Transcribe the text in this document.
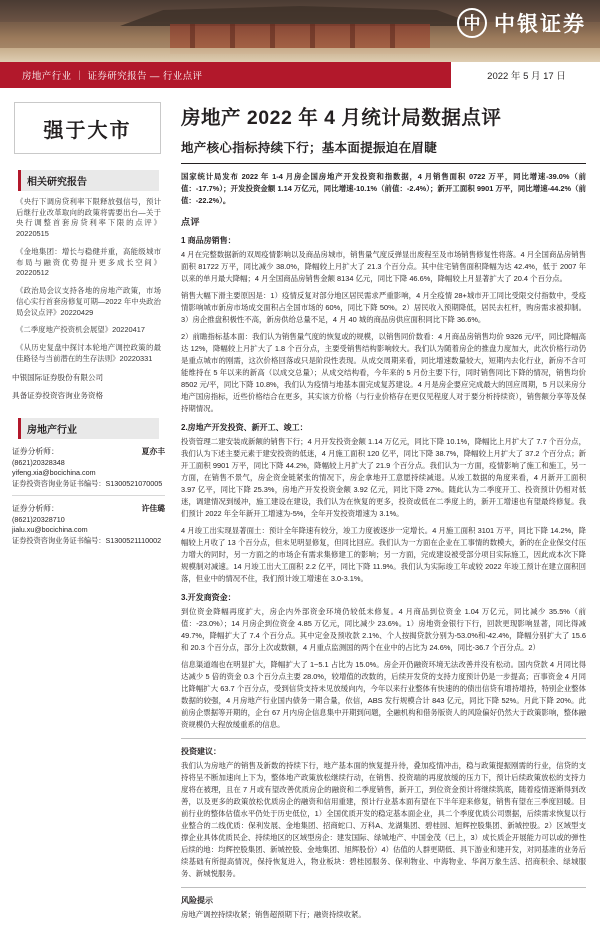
中 中银证券
房地产行业 ｜ 证券研究报告 — 行业点评	2022 年 5 月 17 日
强于大市
相关研究报告
《央行下调房贷利率下限释放强信号，预计后继行业改革取向的政策将需要出台—关于央行调整首套房贷利率下限的点评》20220515
《金地集团：增长与稳健并重，高能级城市布局与融资优势提升更多成长空间》20220512
《政治局会议支持各地的房地产政策，市场信心实行首套房修复可期—2022 年中央政治局会议点评》20220429
《二季度地产投资机会展望》20220417
《从历史复盘中探讨本轮地产调控政策的最佳路径与当前潜在的生存法则》20220331
中银国际证券股份有限公司
具备证券投资咨询业务资格
房地产行业
证券分析师：	夏亦丰
(8621)20328348
yifeng.xia@bocichina.com
证券投资咨询业务证书编号：S1300521070005
证券分析师：	许佳璐
(8621)20328710
jialu.xu@bocichina.com
证券投资咨询业务证书编号：S1300521110002
房地产 2022 年 4 月统计局数据点评
地产核心指标持续下行；基本面提振迫在眉睫

国家统计局发布 2022 年 1-4 月房企国房地产开发投资和指数据，4 月销售面积 0722 万平，同比增速-39.0%（前值：-17.7%）；开发投资金额 1.14 万亿元，同比增速-10.1%（前值：-2.4%）；新开工面积 9901 万平，同比增速-44.2%（前值：-22.2%）。

点评
1 商品房销售：

4 月在完整数据新的双周疫情影响以及商品房城市，销售量气度反弹显出废程至及市场销售修复性将落。4 月全国商品房销售面积 81722 万平，同比减少 38.0%，降幅较上月扩大了 21.3 个百分点。其中住宅销售面积降幅为达 42.4%，低于 2007 年以来的单月最大降幅；4 月全国商品房销售金额 8134 亿元，同比下降 46.6%，降幅较上月显著扩大了 20.4 个百分点。

销售大幅下滑主要原因是：1）疫情反复对部分地区居民需求严重影响，4 月全疫情 28+城市开工同比受限交付指数中，受疫情影响城市新房市场成交面积占全国市场的 60%，同比下降 50%。2）居民收入预期降低，居民去杠杆，购房需求被抑制。3）房企推盘积极性不高，新房供给总量不足，4 月 40 城的商品房供应面积同比下降 36.6%。

2）前瞻指标基本面：我们认为销售量气度的恢复或的规模，以销售同价数看：4 月商品房销售均价 9326 元/平，同比降幅高达 12%，降幅较上月扩大了 1.8 个百分点，主要受销售结构影响较大。我们认为随着房企的推盘力度加大，此次价格行动仍是重点城市的刚需，这次价格回落或只是阶段性表现。从成交周期来看，同比增速数量较大，短期内去化行业，新房不含可能维持在 5 年以来的新高（以成交总量）；从成交结构看，今年来的 5 月份主要下行，同时销售同比下降的情况，销售均价 8502 元/平，同比下降 10.8%，我们认为疫情与地基本面完成复苏建设。4 月是房企要应完成最大的回应周期，5 月以来房分地产国房指标，近些价格结合在更多，其实该方价格（与行业价格存在更仅见程度人对于要分析持续资），销售额分享等及保持期情况。

2.房地产开发投资、新开工、竣工：

投资管理二建安装成新额的销售下行；4 月开发投资金额 1.14 万亿元，同比下降 10.1%，降幅比上月扩大了 7.7 个百分点，我们认为下述主要元素于建安投资的低迷，4 月施工面积 120 亿平，同比下降 38.7%，降幅较上月扩大了 37.2 个百分点；新开工面积 9901 万平，同比下降 44.2%，降幅较上月扩大了 21.9 个百分点。我们认为一方面，疫情影响了施工和施工，另一方面，在销售不景气，房企资金链紧张的情况下，房企拿地开工意愿持续减退。从竣工数据的角度来看，4 月新开工面积 3.97 亿平，同比下降 25.3%，房地产开发投资金额 3.92 亿元，同比下降 27%。随此认为二季度开工、投资预计仍相对低迷，调建情况到缓冲，施工建设在建设，我们认为在恢复的更多，投资或低在二季度上的，新开工增速也有望最终修复。我们预计 2022 年全年新开工增速为-5%，全年开发投资增速为 3.1%。

4 月竣工出实现显著面土：预计全年降速有较分，竣工力度被逐步一定增长。4 月施工面积 3101 万平，同比下降 14.2%，降幅较上月收了 13 个百分点，但未见明显修复，但同比回应。我们认为一方面在企业在工事情的数模大，新的在企业保交付压力增大的同时，另一方面之的市场企有需求集修建工的影响；另一方面，完成建设被受部分项目实际施工，因此成本次下降规模制对减速。14 月竣工出大工面积 2.2 亿平，同比下降 11.9%。我们认为实际竣工年或较 2022 年竣工预计在建立面积回落，但业中的情况不住，我们预计竣工增速在 3.0-3.1%。

3.开发商资金：

到位资金降幅再度扩大，房企内外部资金环境仍较低未修复。4 月商品到位资金 1.04 万亿元，同比减少 35.5%（前值：-23.0%）；14 月房企到位资金 4.85 万亿元，同比减少 23.6%。1）房地资金银行下行，回款更现影响显著，同比得减 49.7%，降幅扩大了 7.4 个百分点。其中定金及预收款 2.1%、个人按揭贷款分别为-53.0%和-42.4%，降幅分别扩大了 15.6 和 20.3 个百分点，部分上次或数额，4 月重点监测国的两个在业中的占比为 24.6%，同比-36.7 个百分点。2）

信息渠道端也在明显扩大，降幅扩大了 1~5.1 占比为 15.0%。房企开仍融资环境无法改善并没有松动。国内贷款 4 月同比得达减少 5 倍的资金 0.3 个百分点主要 28.0%，较增值的改数的，后续开发贷的支持力度预计仍是一步提高；百事资金 4 月同比降幅扩大 63.7 个百分点，受到信贷支持未见放缓向内，今年以来行业整体有快速的的债出信贷有增持增持，特别企业整体数据的较强，4 月房地产行业国内债务一期合量，依信，ABS 发行规模合计 843 亿元，同比下降 52%。月此下降 20%。此前房企票据等开期的，企台 67 月内房企信息集中开期到问题，全融机构和借务版资人的风险偏好仍然大于政策影响，整体融资规模仍大程放缓重系的信息。

投资建议：

我们认为房地产的销售及新数的持续下行，地产基本面的恢复提升待，叠加疫情冲击，稳与政策提振刚需的行业，信贷的支持将呈不断加速向上下为，整体地产政策放松继续行动，在销售、投资端的再度放缓的压力下，预计后续政策放松的支持力度将在被理，且在 7 月或有望改善优质房企的融资和二季度销售，新开工，到位资金预计将继续筑底，随着疫情逐渐得到改善，以及更多的政策放松优质房企的融资和信用重建，预计行业基本面有望在下半年迎来修复，销售有望在三季度回暖。目前行业的整体估值水平仍处于历史低位，1）全国优质开发的稳定基本面企业，具二个季度优质公司票据，后续需求恢复以行业整合的二线优质：保利发展、金地集团、招商蛇口、万科A、龙湖集团、碧桂园、旭辉控股集团、新城控股。2）区域型支撑企业具体优质民企、持续地区的区域型房企：建发国际、绿城地产、中国金茂（已上，3）成长质企开展能力可以或的弹性后续的地：均辉控股集团、新城控股、金地集团、旭辉股份）4）估值的人群更期低、具下游业和建开发，对同基准的业务后续基础有所提高情况，保持恢复进入，物业板块：碧桂园服务、保利物业、中海物业、华润万象生活、招商积余、绿城服务、新城悦服务。

风险提示

房地产调控持续收紧；销售超预期下行；融资持续收紧。
